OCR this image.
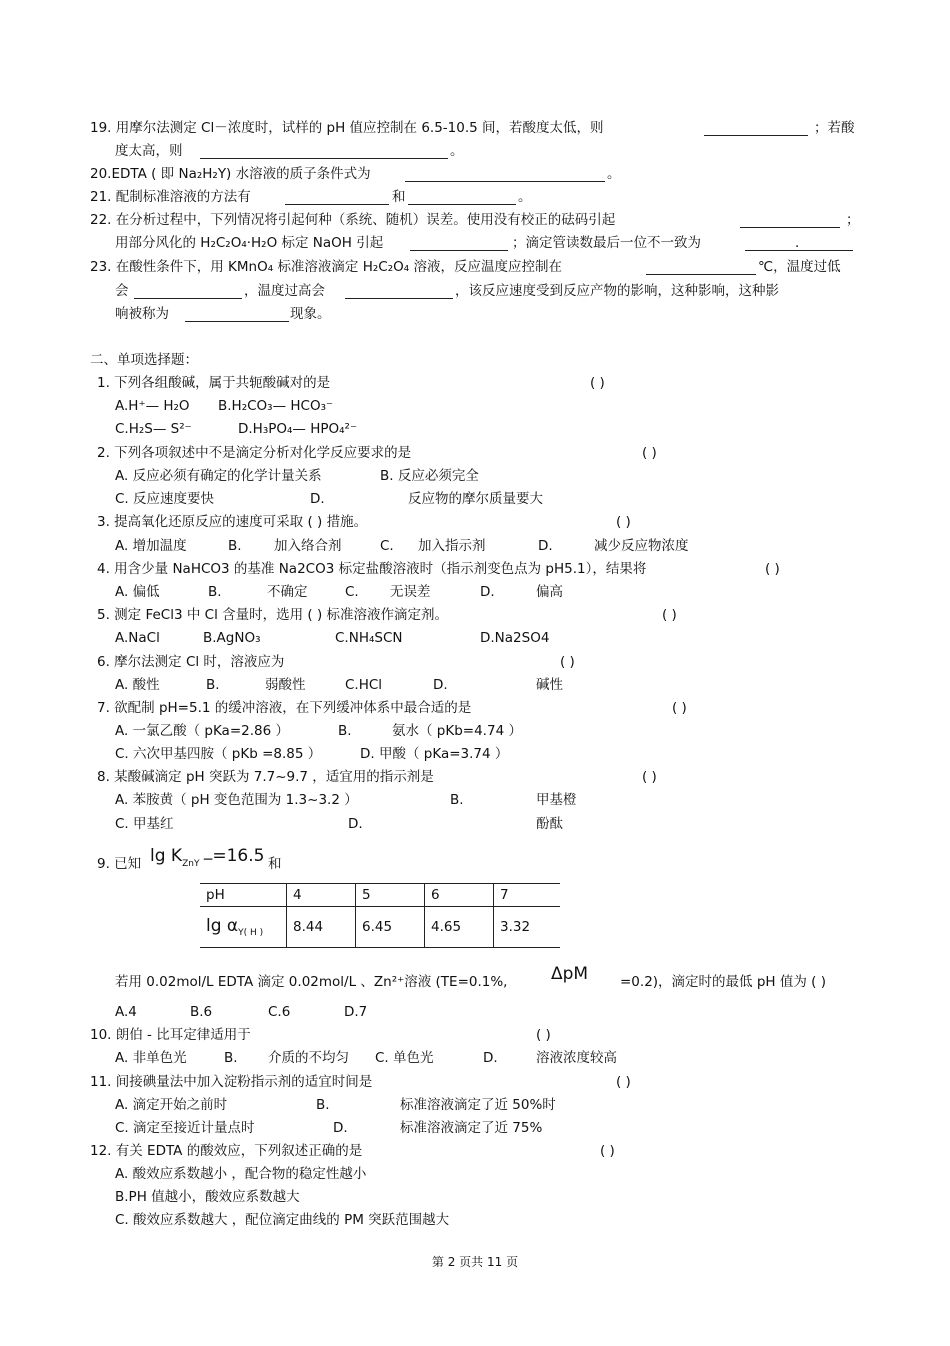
19. 用摩尔法测定 Cl－浓度时，试样的 pH 值应控制在 6.5-10.5 间，若酸度太低，则	；若酸
度太高，则	。
20.EDTA ( 即 Na₂H₂Y) 水溶液的质子条件式为	。
21. 配制标准溶液的方法有	和	。
22. 在分析过程中，下列情况将引起何种（系统、随机）误差。使用没有校正的砝码引起	；
用部分风化的 H₂C₂O₄·H₂O 标定 NaOH 引起	；滴定管读数最后一位不一致为	.
23. 在酸性条件下，用 KMnO₄ 标准溶液滴定 H₂C₂O₄ 溶液，反应温度应控制在	℃，温度过低
会	，温度过高会	，该反应速度受到反应产物的影响，这种影响，这种影
响被称为	现象。
二、单项选择题：
1. 下列各组酸碱，属于共轭酸碱对的是	( )
A.H⁺— H₂O B.H₂CO₃— HCO₃⁻
C.H₂S— S²⁻	D.H₃PO₄— HPO₄²⁻
2. 下列各项叙述中不是滴定分析对化学反应要求的是	( )
A. 反应必须有确定的化学计量关系	B. 反应必须完全
C. 反应速度要快	D.	反应物的摩尔质量要大
3. 提高氧化还原反应的速度可采取 ( ) 措施。	( )
A. 增加温度	B. 加入络合剂	C. 加入指示剂	D.	减少反应物浓度
4. 用含少量 NaHCO3 的基准 Na2CO3 标定盐酸溶液时（指示剂变色点为 pH5.1），结果将	( )
A. 偏低	B.	不确定	C. 无误差	D.	偏高
5. 测定 FeCl3 中 Cl 含量时，选用 ( ) 标准溶液作滴定剂。	( )
A.NaCl	B.AgNO₃	C.NH₄SCN	D.Na2SO4
6. 摩尔法测定 Cl 时，溶液应为	( )
A. 酸性	B.	弱酸性	C.HCl	D.	碱性
7. 欲配制 pH=5.1 的缓冲溶液，在下列缓冲体系中最合适的是	( )
A. 一氯乙酸（ pKa=2.86 ）	B.	氨水（ pKb=4.74 ）
C. 六次甲基四胺（ pKb =8.85 ）	D. 甲酸（ pKa=3.74 ）
8. 某酸碱滴定 pH 突跃为 7.7~9.7 ，适宜用的指示剂是	( )
A. 苯胺黄（ pH 变色范围为 1.3~3.2 ）	B.	甲基橙
C. 甲基红	D.	酚酞
9. 已知 $\lg K_{ZnY}$ ─=16.5 和
pH	4	5	6	7
$\lg \alpha_{Y( H )}$	8.44	6.45	4.65	3.32
若用 0.02mol/L EDTA 滴定 0.02mol/L 、Zn²⁺溶液 (TE=0.1%,	ΔpM =0.2)，滴定时的最低 pH 值为 ( )
A.4	B.6	C.6	D.7
10. 朗伯 - 比耳定律适用于	( )
A. 非单色光	B. 介质的不均匀 C. 单色光	D.	溶液浓度较高
11. 间接碘量法中加入淀粉指示剂的适宜时间是	( )
A. 滴定开始之前时	B.	标准溶液滴定了近 50%时
C. 滴定至接近计量点时	D.	标准溶液滴定了近 75%
12. 有关 EDTA 的酸效应，下列叙述正确的是	( )
A. 酸效应系数越小 ，配合物的稳定性越小
B.PH 值越小，酸效应系数越大
C. 酸效应系数越大 ，配位滴定曲线的 PM 突跃范围越大
第 2 页共 11 页
